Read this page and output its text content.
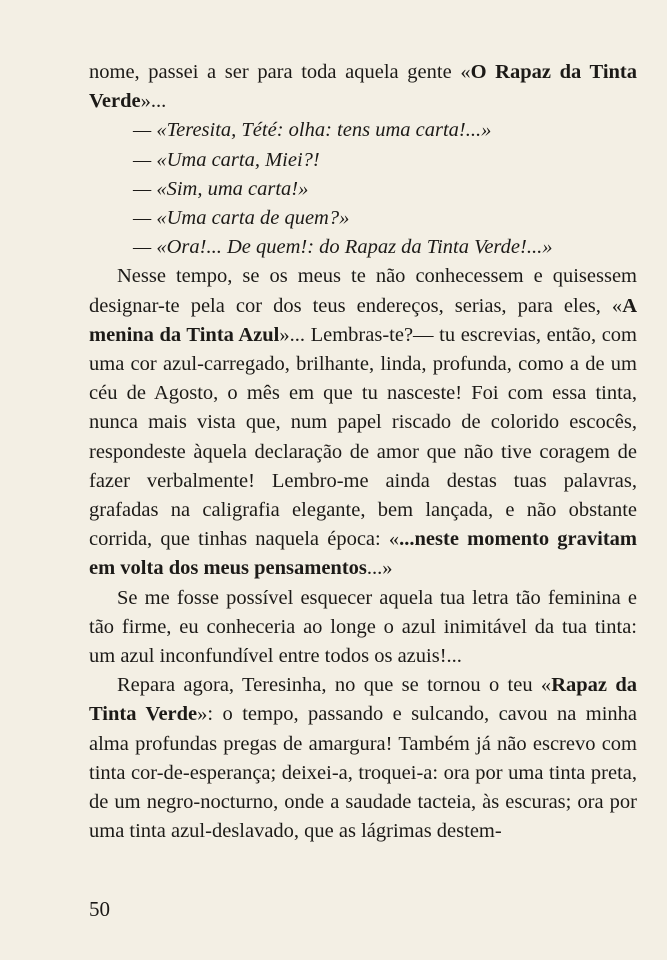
nome, passei a ser para toda aquela gente «O Rapaz da Tinta Verde»...

— «Teresita, Tété: olha: tens uma carta!...»

— «Uma carta, Miei?!

— «Sim, uma carta!»

— «Uma carta de quem?»

— «Ora!... De quem!: do Rapaz da Tinta Verde!...»

Nesse tempo, se os meus te não conhecessem e quisessem designar-te pela cor dos teus endereços, serias, para eles, «A menina da Tinta Azul»... Lembras-te?— tu escrevias, então, com uma cor azul-carregado, brilhante, linda, profunda, como a de um céu de Agosto, o mês em que tu nasceste! Foi com essa tinta, nunca mais vista que, num papel riscado de colorido escocês, respondeste àquela declaração de amor que não tive coragem de fazer verbalmente! Lembro-me ainda destas tuas palavras, grafadas na caligrafia elegante, bem lançada, e não obstante corrida, que tinhas naquela época: «...neste momento gravitam em volta dos meus pensamentos...»

Se me fosse possível esquecer aquela tua letra tão feminina e tão firme, eu conheceria ao longe o azul inimitável da tua tinta: um azul inconfundível entre todos os azuis!...

Repara agora, Teresinha, no que se tornou o teu «Rapaz da Tinta Verde»: o tempo, passando e sulcando, cavou na minha alma profundas pregas de amargura! Também já não escrevo com tinta cor-de-esperança; deixei-a, troquei-a: ora por uma tinta preta, de um negro-nocturno, onde a saudade tacteia, às escuras; ora por uma tinta azul-deslavado, que as lágrimas destem-

50
